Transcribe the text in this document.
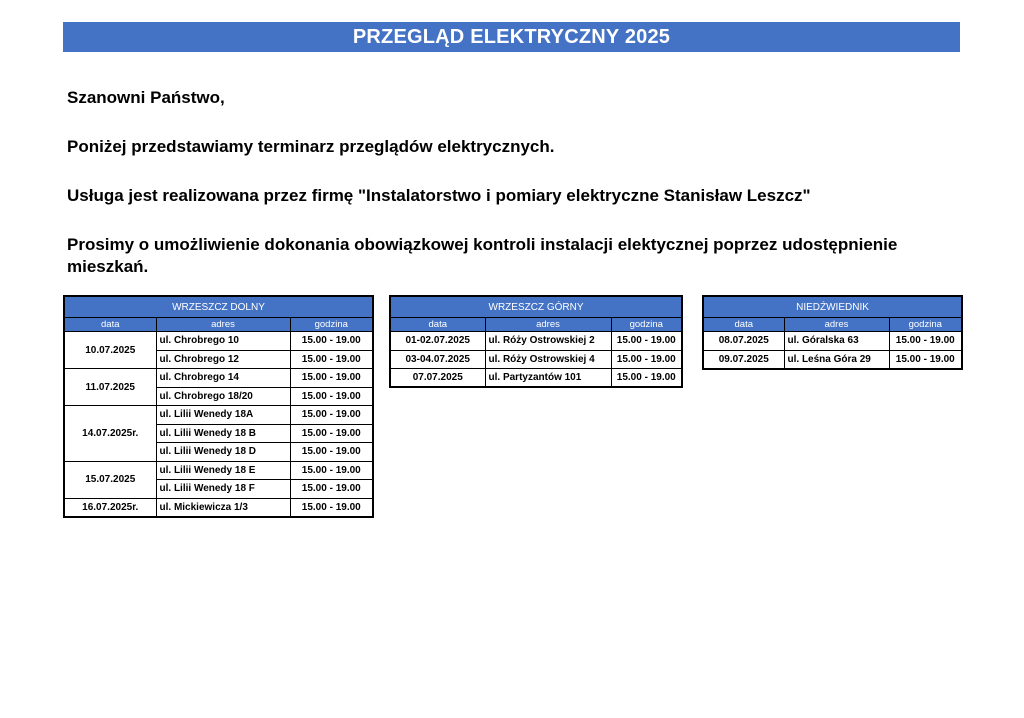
PRZEGLĄD ELEKTRYCZNY 2025

Szanowni Państwo,

Poniżej przedstawiamy terminarz przeglądów elektrycznych.

Usługa jest realizowana przez firmę "Instalatorstwo i pomiary elektryczne Stanisław Leszcz"

Prosimy o umożliwienie dokonania obowiązkowej kontroli instalacji elektycznej poprzez udostępnienie mieszkań.

WRZESZCZ DOLNY		
data	adres	godzina
10.07.2025	ul. Chrobrego 10	15.00 - 19.00
	ul. Chrobrego 12	15.00 - 19.00
11.07.2025	ul. Chrobrego 14	15.00 - 19.00
	ul. Chrobrego 18/20	15.00 - 19.00
14.07.2025r.	ul. Lilii Wenedy 18A	15.00 - 19.00
	ul. Lilii Wenedy 18 B	15.00 - 19.00
	ul. Lilii Wenedy 18 D	15.00 - 19.00
15.07.2025	ul. Lilii Wenedy 18 E	15.00 - 19.00
	ul. Lilii Wenedy 18 F	15.00 - 19.00
16.07.2025r.	ul. Mickiewicza 1/3	15.00 - 19.00
WRZESZCZ GÓRNY		
data	adres	godzina
01-02.07.2025	ul. Róży Ostrowskiej 2	15.00 - 19.00
03-04.07.2025	ul. Róży Ostrowskiej 4	15.00 - 19.00
07.07.2025	ul. Partyzantów 101	15.00 - 19.00
NIEDŹWIEDNIK		
data	adres	godzina
08.07.2025	ul. Góralska 63	15.00 - 19.00
09.07.2025	ul. Leśna Góra 29	15.00 - 19.00
